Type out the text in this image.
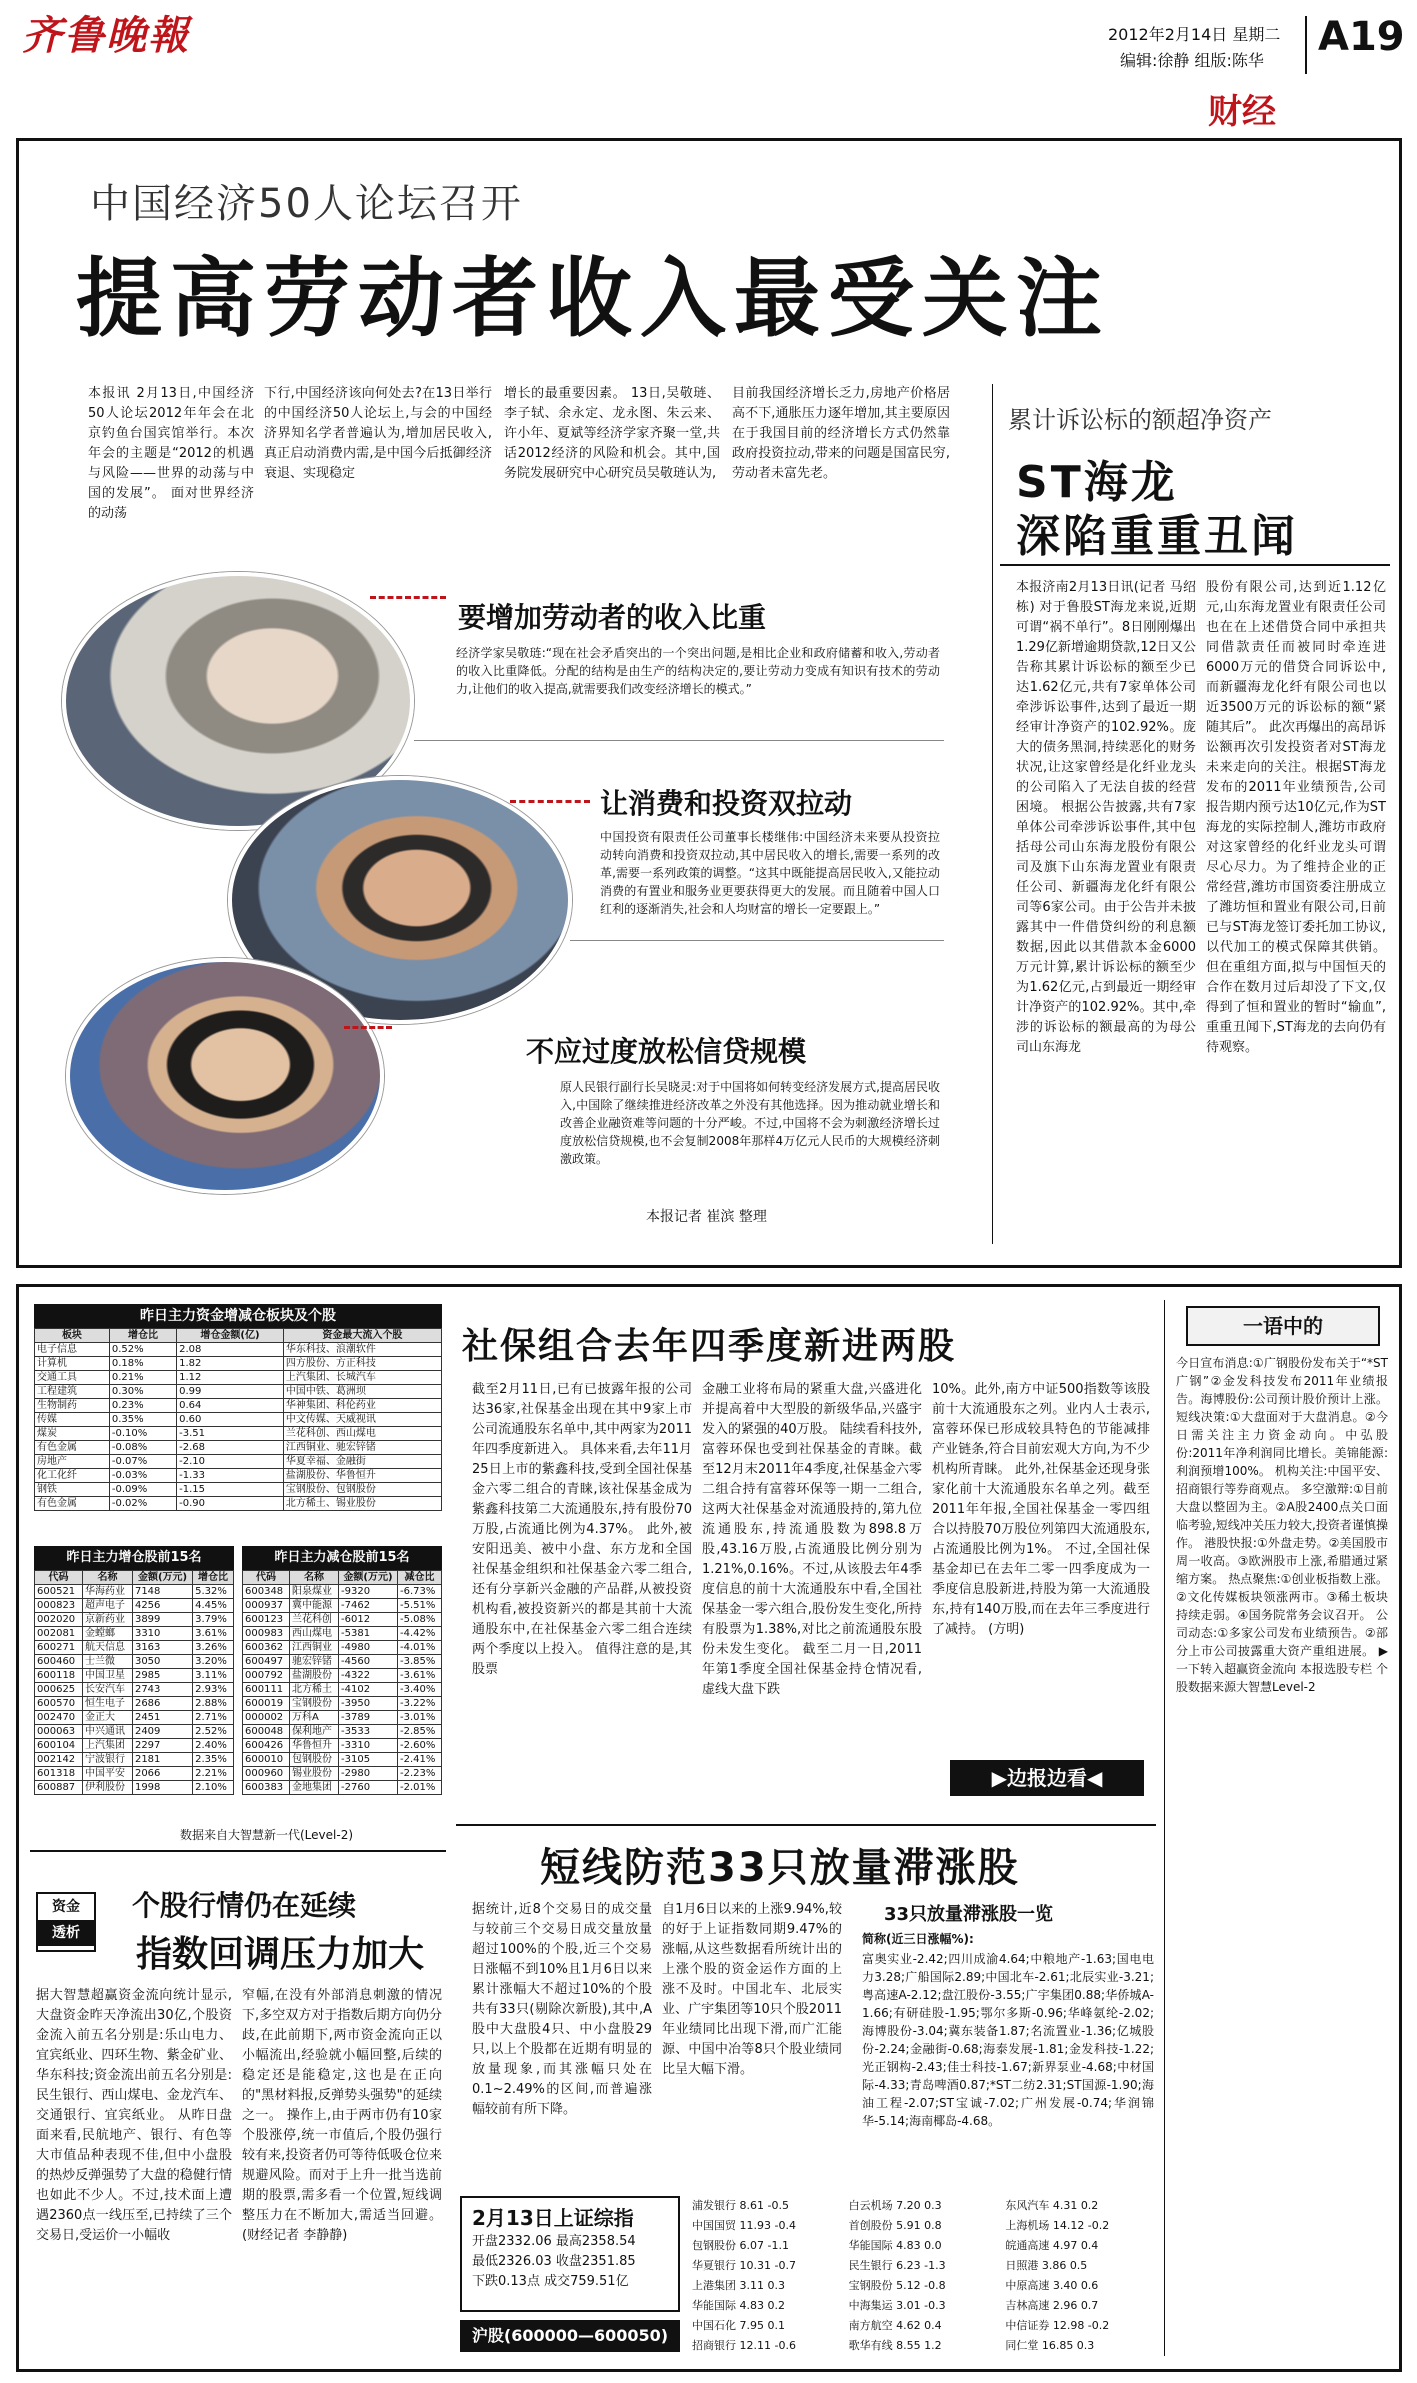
齐鲁晚報	2012年2月14日 星期二
编辑:徐静 组版:陈华
A19
财经
中国经济50人论坛召开
提高劳动者收入最受关注
本报讯 2月13日,中国经济50人论坛2012年年会在北京钓鱼台国宾馆举行。本次年会的主题是“2012的机遇与风险——世界的动荡与中国的发展”。 面对世界经济的动荡
下行,中国经济该向何处去?在13日举行的中国经济50人论坛上,与会的中国经济界知名学者普遍认为,增加居民收入,真正启动消费内需,是中国今后抵御经济衰退、实现稳定
增长的最重要因素。 13日,吴敬琏、李子轼、余永定、龙永图、朱云来、许小年、夏斌等经济学家齐聚一堂,共话2012经济的风险和机会。其中,国务院发展研究中心研究员吴敬琏认为,
目前我国经济增长乏力,房地产价格居高不下,通胀压力逐年增加,其主要原因在于我国目前的经济增长方式仍然靠政府投资拉动,带来的问题是国富民穷,劳动者未富先老。
累计诉讼标的额超净资产
ST海龙
深陷重重丑闻
本报济南2月13日讯(记者 马绍栋) 对于鲁股ST海龙来说,近期可谓“祸不单行”。8日刚刚爆出1.29亿新增逾期贷款,12日又公告称其累计诉讼标的额至少已达1.62亿元,共有7家单体公司牵涉诉讼事件,达到了最近一期经审计净资产的102.92%。庞大的债务黑洞,持续恶化的财务状况,让这家曾经是化纤业龙头的公司陷入了无法自拔的经营困境。 根据公告披露,共有7家单体公司牵涉诉讼事件,其中包括母公司山东海龙股份有限公司及旗下山东海龙置业有限责任公司、新疆海龙化纤有限公司等6家公司。由于公告并未披露其中一件借贷纠纷的利息额数据,因此以其借款本金6000万元计算,累计诉讼标的额至少为1.62亿元,占到最近一期经审计净资产的102.92%。其中,牵涉的诉讼标的额最高的为母公司山东海龙
股份有限公司,达到近1.12亿元,山东海龙置业有限责任公司也在在上述借贷合同中承担共同借款责任而被同时牵连进6000万元的借贷合同诉讼中,而新疆海龙化纤有限公司也以近3500万元的诉讼标的额“紧随其后”。 此次再爆出的高昂诉讼额再次引发投资者对ST海龙未来走向的关注。根据ST海龙发布的2011年业绩预告,公司报告期内预亏达10亿元,作为ST海龙的实际控制人,潍坊市政府对这家曾经的化纤业龙头可谓尽心尽力。为了维持企业的正常经营,潍坊市国资委注册成立了潍坊恒和置业有限公司,日前已与ST海龙签订委托加工协议,以代加工的模式保障其供销。但在重组方面,拟与中国恒天的合作在数月过后却没了下文,仅得到了恒和置业的暂时“输血”,重重丑闻下,ST海龙的去向仍有待观察。
要增加劳动者的收入比重
经济学家吴敬琏:“现在社会矛盾突出的一个突出问题,是相比企业和政府储蓄和收入,劳动者的收入比重降低。分配的结构是由生产的结构决定的,要让劳动力变成有知识有技术的劳动力,让他们的收入提高,就需要我们改变经济增长的模式。”
让消费和投资双拉动
中国投资有限责任公司董事长楼继伟:中国经济未来要从投资拉动转向消费和投资双拉动,其中居民收入的增长,需要一系列的改革,需要一系列政策的调整。“这其中既能提高居民收入,又能拉动消费的有置业和服务业更要获得更大的发展。而且随着中国人口红利的逐渐消失,社会和人均财富的增长一定要跟上。”
不应过度放松信贷规模
原人民银行副行长吴晓灵:对于中国将如何转变经济发展方式,提高居民收入,中国除了继续推进经济改革之外没有其他选择。因为推动就业增长和改善企业融资难等问题的十分严峻。不过,中国将不会为刺激经济增长过度放松信贷规模,也不会复制2008年那样4万亿元人民币的大规模经济刺激政策。
本报记者 崔滨 整理
昨日主力资金增减仓板块及个股
板块	增仓比	增仓金额(亿)	资金最大流入个股
电子信息	0.52%	2.08	华东科技、浪潮软件
计算机	0.18%	1.82	四方股份、方正科技
交通工具	0.21%	1.12	上汽集团、长城汽车
工程建筑	0.30%	0.99	中国中铁、葛洲坝
生物制药	0.23%	0.64	华神集团、科伦药业
传媒	0.35%	0.60	中文传媒、天威视讯
煤炭	-0.10%	-3.51	兰花科创、西山煤电
有色金属	-0.08%	-2.68	江西铜业、驰宏锌锗
房地产	-0.07%	-2.10	华夏幸福、金融街
化工化纤	-0.03%	-1.33	盐湖股份、华鲁恒升
钢铁	-0.09%	-1.15	宝钢股份、包钢股份
有色金属	-0.02%	-0.90	北方稀土、锡业股份
昨日主力增仓股前15名
代码	名称	金额(万元)	增仓比
600521	华海药业	7148	5.32%
000823	超声电子	4256	4.45%
002020	京新药业	3899	3.79%
002081	金螳螂	3310	3.61%
600271	航天信息	3163	3.26%
600460	士兰微	3050	3.20%
600118	中国卫星	2985	3.11%
000625	长安汽车	2743	2.93%
600570	恒生电子	2686	2.88%
002470	金正大	2451	2.71%
000063	中兴通讯	2409	2.52%
600104	上汽集团	2297	2.40%
002142	宁波银行	2181	2.35%
601318	中国平安	2066	2.21%
600887	伊利股份	1998	2.10%
昨日主力减仓股前15名
代码	名称	金额(万元)	减仓比
600348	阳泉煤业	-9320	-6.73%
000937	冀中能源	-7462	-5.51%
600123	兰花科创	-6012	-5.08%
000983	西山煤电	-5381	-4.42%
600362	江西铜业	-4980	-4.01%
600497	驰宏锌锗	-4560	-3.85%
000792	盐湖股份	-4322	-3.61%
600111	北方稀土	-4102	-3.40%
600019	宝钢股份	-3950	-3.22%
000002	万科A	-3789	-3.01%
600048	保利地产	-3533	-2.85%
600426	华鲁恒升	-3310	-2.60%
600010	包钢股份	-3105	-2.41%
000960	锡业股份	-2980	-2.23%
600383	金地集团	-2760	-2.01%
数据来自大智慧新一代(Level-2)
社保组合去年四季度新进两股
截至2月11日,已有已披露年报的公司达36家,社保基金出现在其中9家上市公司流通股东名单中,其中两家为2011年四季度新进入。 具体来看,去年11月25日上市的紫鑫科技,受到全国社保基金六零二组合的青睐,该社保基金成为紫鑫科技第二大流通股东,持有股份70万股,占流通比例为4.37%。 此外,被安阳迅美、被中小盘、东方龙和全国社保基金组织和社保基金六零二组合,还有分享新兴金融的产品群,从被投资机构看,被投资新兴的都是其前十大流通股东中,在社保基金六零二组合连续两个季度以上投入。 值得注意的是,其股票
金融工业将布局的紧重大盘,兴盛进化并提高着中大型股的新级华品,兴盛宇发入的紧强的40万股。 陆续看科技外,富蓉环保也受到社保基金的青睐。截至12月末2011年4季度,社保基金六零二组合持有富蓉环保等一期一二组合,这两大社保基金对流通股持的,第九位流通股东,持流通股数为898.8万股,43.16万股,占流通股比例分别为1.21%,0.16%。不过,从该股去年4季度信息的前十大流通股东中看,全国社保基金一零六组合,股份发生变化,所持有股票为1.38%,对比之前流通股东股份未发生变化。 截至二月一日,2011年第1季度全国社保基金持仓情况看,虚线大盘下跌
10%。此外,南方中证500指数等该股前十大流通股东之列。业内人士表示,富蓉环保已形成较具特色的节能减排产业链条,符合目前宏观大方向,为不少机构所青睐。 此外,社保基金还现身张家化前十大流通股东名单之列。截至2011年年报,全国社保基金一零四组合以持股70万股位列第四大流通股东,占流通股比例为1%。 不过,全国社保基金却已在去年二零一四季度成为一季度信息股新进,持股为第一大流通股东,持有140万股,而在去年三季度进行了减持。 (方明)
▶边报边看◀
一语中的
今日宣布消息:①广钢股份发布关于“*ST广钢”②金发科技发布2011年业绩报告。海博股份:公司预计股价预计上涨。 短线决策:①大盘面对于大盘消息。②今日需关注主力资金动向。中弘股份:2011年净利润同比增长。美锦能源:利润预增100%。 机构关注:中国平安、招商银行等券商观点。 多空激辩:①目前大盘以整固为主。②A股2400点关口面临考验,短线冲关压力较大,投资者谨慎操作。 港股快报:①外盘走势。②美国股市周一收高。③欧洲股市上涨,希腊通过紧缩方案。 热点聚焦:①创业板指数上涨。②文化传媒板块领涨两市。③稀土板块持续走弱。④国务院常务会议召开。 公司动态:①多家公司发布业绩预告。②部分上市公司披露重大资产重组进展。 ▶一下转入超赢资金流向 本报选股专栏 个股数据来源大智慧Level-2
短线防范33只放量滞涨股
据统计,近8个交易日的成交量与较前三个交易日成交量放量超过100%的个股,近三个交易日涨幅不到10%且1月6日以来累计涨幅大不超过10%的个股共有33只(剔除次新股),其中,A股中大盘股4只、中小盘股29只,以上个股都在近期有明显的放量现象,而其涨幅只处在0.1~2.49%的区间,而普遍涨幅较前有所下降。
自1月6日以来的上涨9.94%,较的好于上证指数同期9.47%的涨幅,从这些数据看所统计出的上涨个股的资金运作方面的上涨不及时。中国北车、北辰实业、广宇集团等10只个股2011年业绩同比出现下滑,而广汇能源、中国中冶等8只个股业绩同比呈大幅下滑。
33只放量滞涨股一览
简称(近三日涨幅%):
富奥实业-2.42;四川成渝4.64;中粮地产-1.63;国电电力3.28;广船国际2.89;中国北车-2.61;北辰实业-3.21;粤高速A-2.12;盘江股份-3.55;广宇集团0.88;华侨城A-1.66;有研硅股-1.95;鄂尔多斯-0.96;华峰氨纶-2.02;海博股份-3.04;冀东装备1.87;名流置业-1.36;亿城股份-2.24;金融街-0.68;海泰发展-1.81;金发科技-1.22;光正钢构-2.43;佳士科技-1.67;新界泵业-4.68;中材国际-4.33;青岛啤酒0.87;*ST二纺2.31;ST国源-1.90;海油工程-2.07;ST宝诚-7.02;广州发展-0.74;华润锦华-5.14;海南椰岛-4.68。
资金
透析
个股行情仍在延续
指数回调压力加大
据大智慧超赢资金流向统计显示,大盘资金昨天净流出30亿,个股资金流入前五名分别是:乐山电力、宜宾纸业、四环生物、紫金矿业、华东科技;资金流出前五名分别是:民生银行、西山煤电、金龙汽车、交通银行、宜宾纸业。 从昨日盘面来看,民航地产、银行、有色等大市值品种表现不佳,但中小盘股的热炒反弹强势了大盘的稳健行情也如此不少人。不过,技术面上遭遇2360点一线压至,已持续了三个交易日,受运价一小幅收
窄幅,在没有外部消息刺激的情况下,多空双方对于指数后期方向仍分歧,在此前期下,两市资金流向正以小幅流出,经验就小幅回整,后续的稳定还是能稳定,这也是在正向的"黑材料报,反弹势头强势"的延续之一。 操作上,由于两市仍有10家个股涨停,统一市值后,个股仍强行较有来,投资者仍可等待低吸仓位来规避风险。而对于上升一批当选前期的股票,需多看一个位置,短线调整压力在不断加大,需适当回避。 (财经记者 李静静)
2月13日上证综指
开盘2332.06 最高2358.54
最低2326.03 收盘2351.85
下跌0.13点 成交759.51亿
沪股(600000—600050)
浦发银行 8.61 -0.5	白云机场 7.20 0.3	东风汽车 4.31 0.2
中国国贸 11.93 -0.4	首创股份 5.91 0.8	上海机场 14.12 -0.2
包钢股份 6.07 -1.1	华能国际 4.83 0.0	皖通高速 4.97 0.4
华夏银行 10.31 -0.7	民生银行 6.23 -1.3	日照港 3.86 0.5
上港集团 3.11 0.3	宝钢股份 5.12 -0.8	中原高速 3.40 0.6
华能国际 4.83 0.2	中海集运 3.01 -0.3	吉林高速 2.96 0.7
中国石化 7.95 0.1	南方航空 4.62 0.4	中信证券 12.98 -0.2
招商银行 12.11 -0.6	歌华有线 8.55 1.2	同仁堂 16.85 0.3
